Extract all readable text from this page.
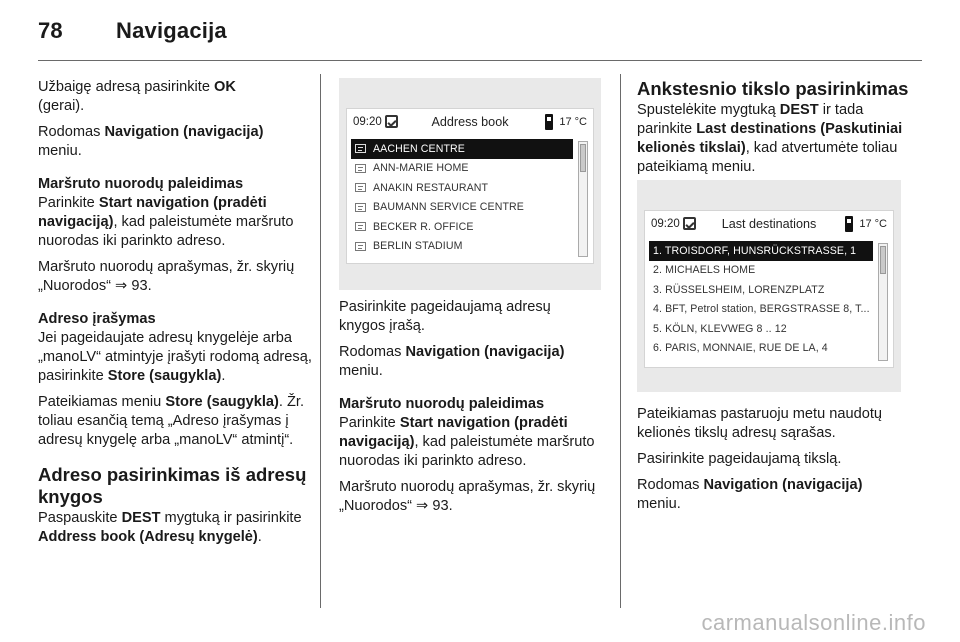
78 Navigacija

Užbaigę adresą pasirinkite OK
(gerai).

Rodomas Navigation (navigacija)
meniu.

Maršruto nuorodų paleidimas

Parinkite Start navigation (pradėti navigaciją), kad paleistumėte maršruto nuorodas iki parinkto adreso.

Maršruto nuorodų aprašymas, žr. skyrių „Nuorodos“ ⇒ 93.

Adreso įrašymas

Jei pageidaujate adresų knygelėje arba „manoLV“ atmintyje įrašyti rodomą adresą, pasirinkite Store (saugykla).

Pateikiamas meniu Store (saugykla). Žr. toliau esančią temą „Adreso įrašymas į adresų knygelę arba „manoLV“ atmintį“.

Adreso pasirinkimas iš adresų knygos

Paspauskite DEST mygtuką ir pasirinkite Address book (Adresų knygelė).

09:20	Address book	17 °C
AACHEN CENTRE
ANN-MARIE HOME
ANAKIN RESTAURANT
BAUMANN SERVICE CENTRE
BECKER R. OFFICE
BERLIN STADIUM

Pasirinkite pageidaujamą adresų knygos įrašą.

Rodomas Navigation (navigacija)
meniu.

Maršruto nuorodų paleidimas

Parinkite Start navigation (pradėti navigaciją), kad paleistumėte maršruto nuorodas iki parinkto adreso.

Maršruto nuorodų aprašymas, žr. skyrių „Nuorodos“ ⇒ 93.

09:20	Last destinations	17 °C
1. TROISDORF, HUNSRÜCKSTRASSE, 1
2. MICHAELS HOME
3. RÜSSELSHEIM, LORENZPLATZ
4. BFT, Petrol station, BERGSTRASSE 8, T...
5. KÖLN, KLEVWEG 8 .. 12
6. PARIS, MONNAIE, RUE DE LA, 4
Ankstesnio tikslo pasirinkimas

Spustelėkite mygtuką DEST ir tada parinkite Last destinations (Paskutiniai kelionės tikslai), kad atvertumėte toliau pateikiamą meniu.

Pateikiamas pastaruoju metu naudotų kelionės tikslų adresų sąrašas.

Pasirinkite pageidaujamą tikslą.

Rodomas Navigation (navigacija)
meniu.

carmanualsonline.info
